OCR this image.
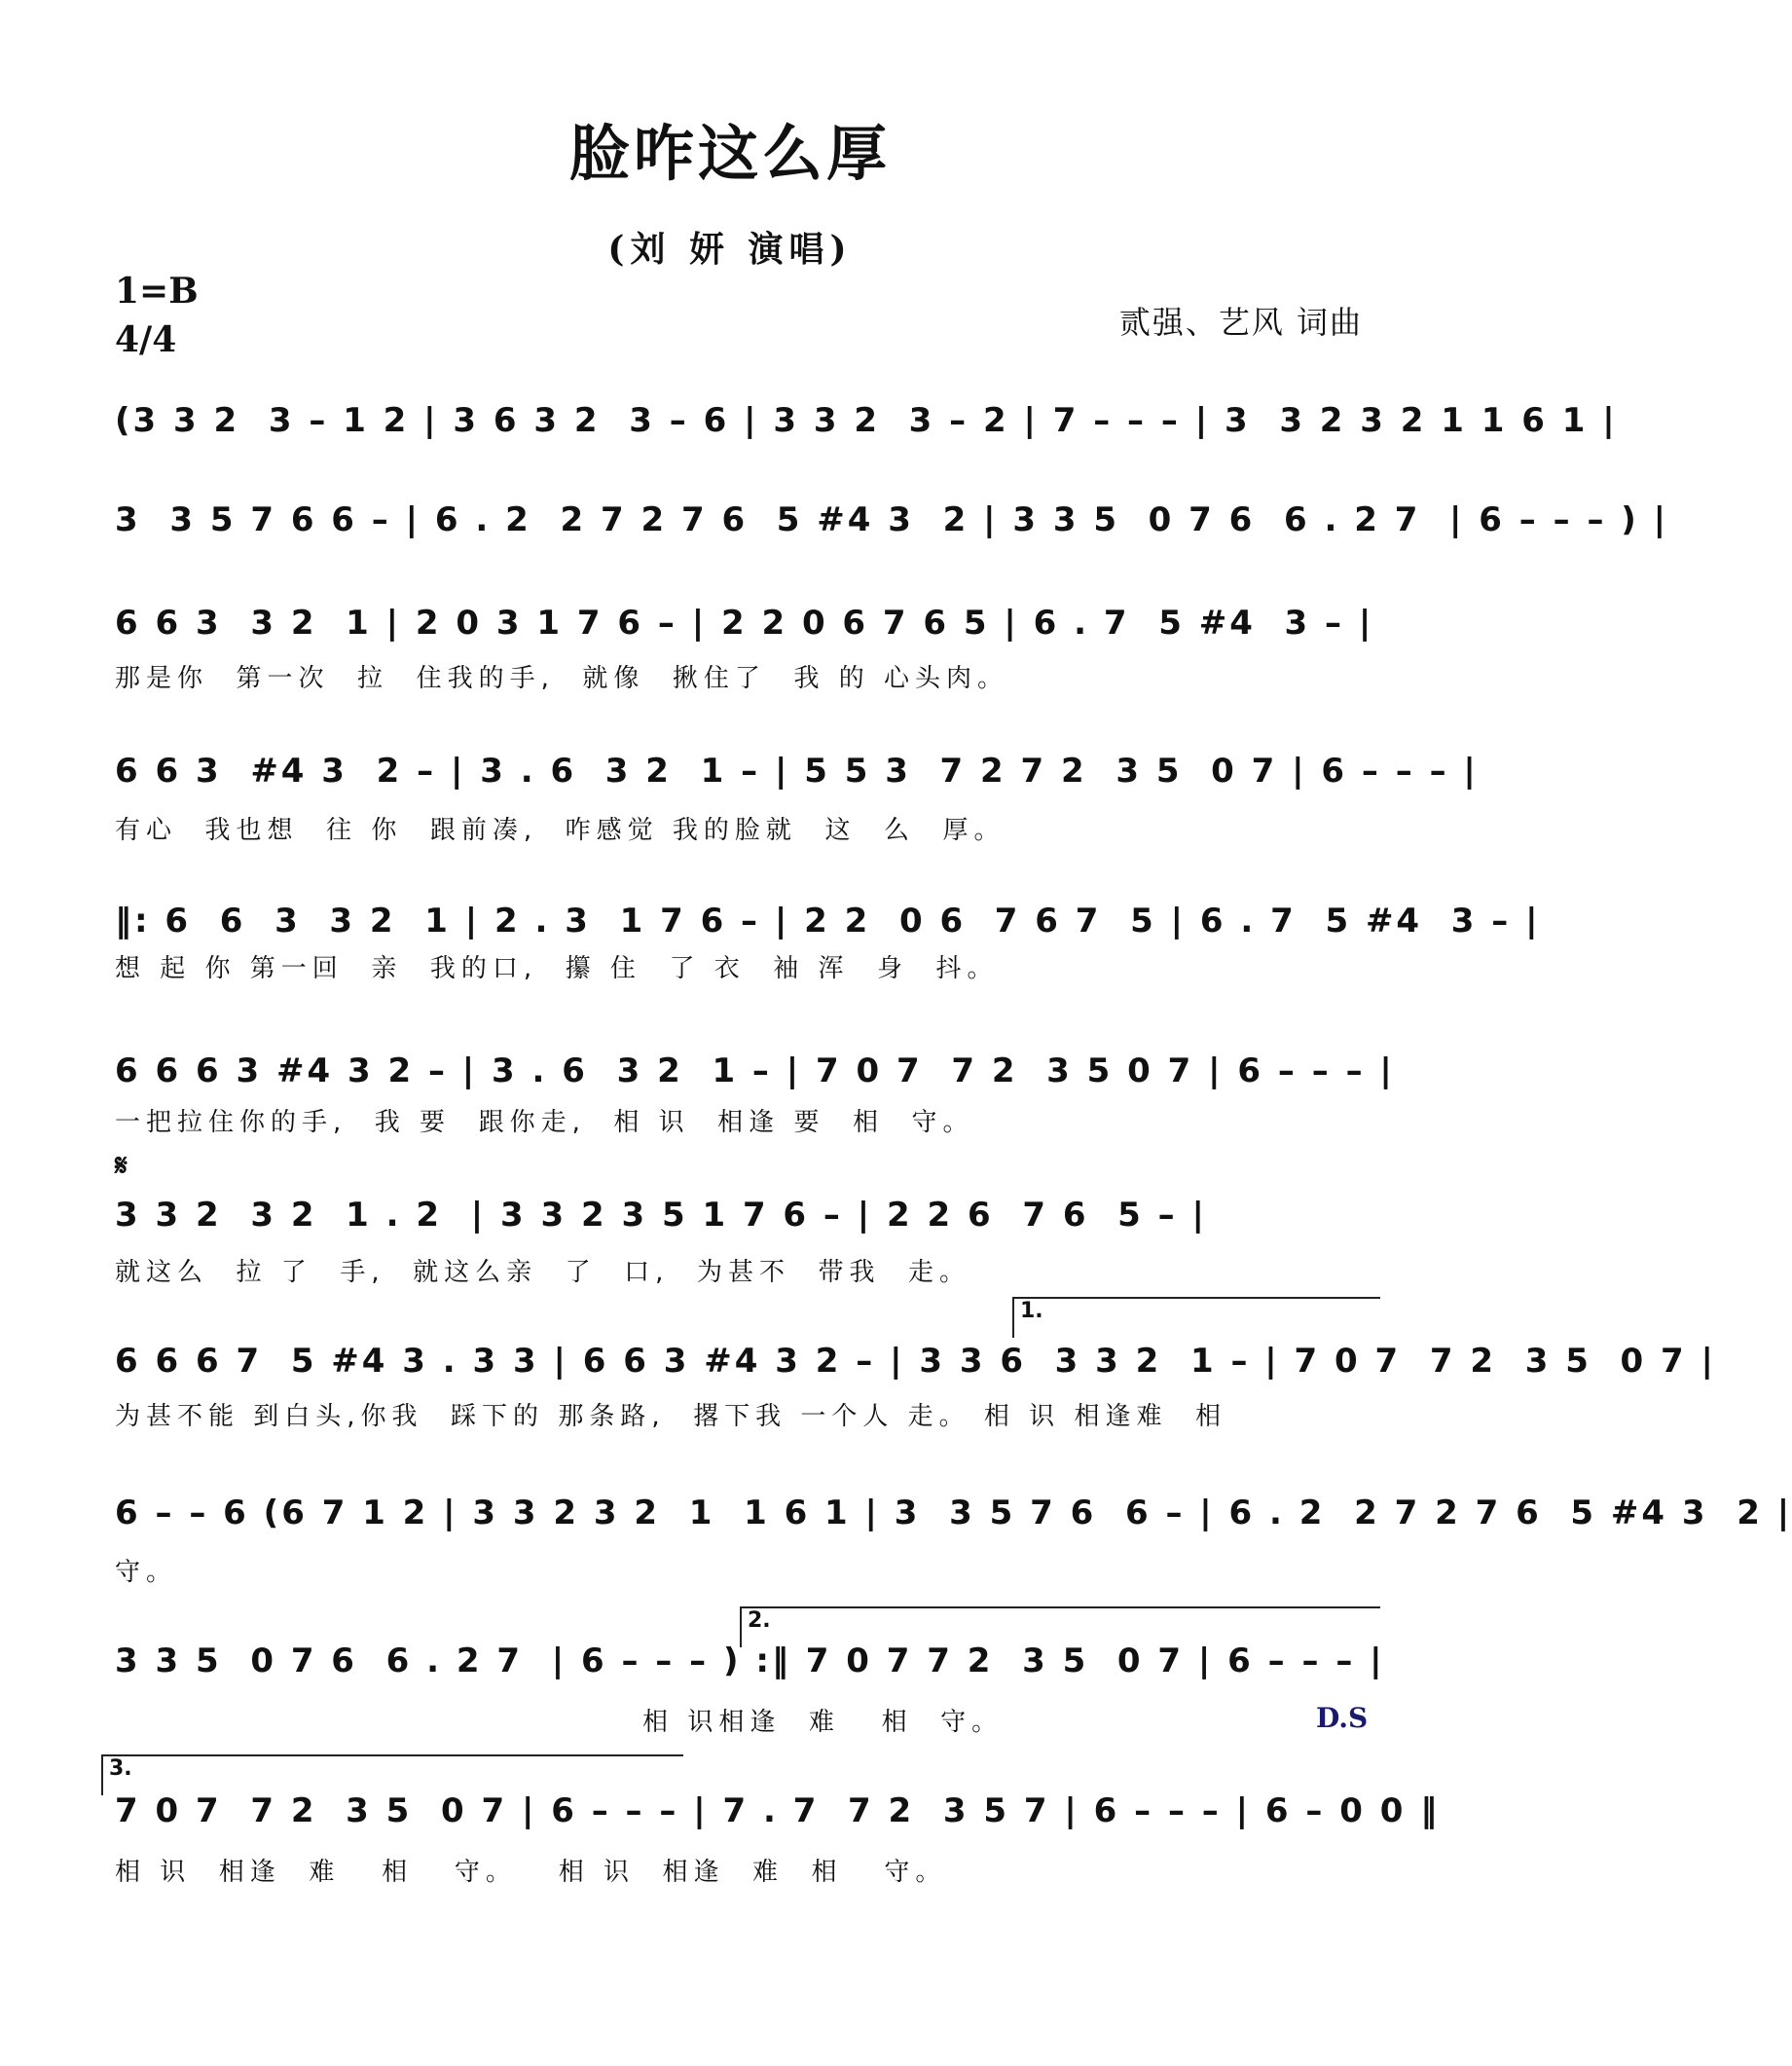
脸咋这么厚
(刘 妍 演唱)
1=B
4/4	贰强、艺风 词曲
(3 3 2  3 – 1 2 | 3 6 3 2  3 – 6 | 3 3 2  3 – 2 | 7 – – – | 3  3 2 3 2 1 1 6 1 |
3  3 5 7 6 6 – | 6 . 2  2 7 2 7 6  5 #4 3  2 | 3 3 5  0 7 6  6 . 2 7  | 6 – – – ) |
6 6 3  3 2  1 | 2 0 3 1 7 6 – | 2 2 0 6 7 6 5 | 6 . 7  5 #4  3 – |
那是你  第一次  拉  住我的手,  就像  揪住了  我 的 心头肉。
6 6 3  #4 3  2 – | 3 . 6  3 2  1 – | 5 5 3  7 2 7 2  3 5  0 7 | 6 – – – |
有心  我也想  往 你  跟前凑,  咋感觉 我的脸就  这  么  厚。
‖: 6  6  3  3 2  1 | 2 . 3  1 7 6 – | 2 2  0 6  7 6 7  5 | 6 . 7  5 #4  3 – |
想 起 你 第一回  亲  我的口,  攥 住  了 衣  袖 浑  身  抖。
6 6 6 3 #4 3 2 – | 3 . 6  3 2  1 – | 7 0 7  7 2  3 5 0 7 | 6 – – – |
一把拉住你的手,  我 要  跟你走,  相 识  相逢 要  相  守。
𝄋
3 3 2  3 2  1 . 2  | 3 3 2 3 5 1 7 6 – | 2 2 6  7 6  5 – |
就这么  拉 了  手,  就这么亲  了  口,  为甚不  带我  走。
1.
6 6 6 7  5 #4 3 . 3 3 | 6 6 3 #4 3 2 – | 3 3 6  3 3 2  1 – | 7 0 7  7 2  3 5  0 7 |
为甚不能 到白头,你我  踩下的 那条路,  撂下我 一个人 走。 相 识 相逢难  相
6 – – 6 (6 7 1 2 | 3 3 2 3 2  1  1 6 1 | 3  3 5 7 6  6 – | 6 . 2  2 7 2 7 6  5 #4 3  2 |
守。
2.
3 3 5  0 7 6  6 . 2 7  | 6 – – – ) :‖ 7 0 7 7 2  3 5  0 7 | 6 – – – |
相 识相逢  难   相  守。	D.S
3.
7 0 7  7 2  3 5  0 7 | 6 – – – | 7 . 7  7 2  3 5 7 | 6 – – – | 6 – 0 0 ‖
相 识  相逢  难   相   守。   相 识  相逢  难  相   守。
